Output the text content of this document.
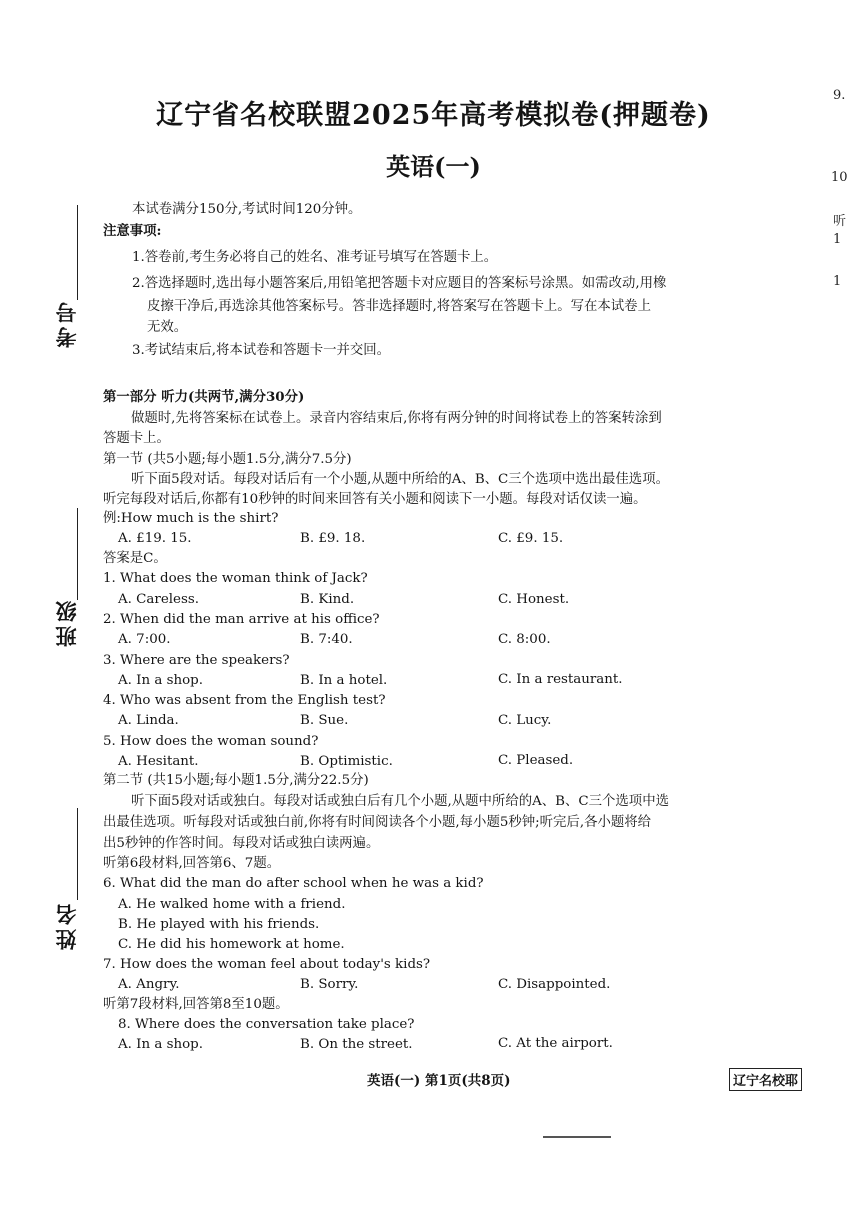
辽宁省名校联盟2025年高考模拟卷(押题卷)
英语(一)
考号
班级
姓名
9.
10
听
1
1
本试卷满分150分,考试时间120分钟。
注意事项:
1.答卷前,考生务必将自己的姓名、准考证号填写在答题卡上。
2.答选择题时,选出每小题答案后,用铅笔把答题卡对应题目的答案标号涂黑。如需改动,用橡
皮擦干净后,再选涂其他答案标号。答非选择题时,将答案写在答题卡上。写在本试卷上
无效。
3.考试结束后,将本试卷和答题卡一并交回。
第一部分 听力(共两节,满分30分)
做题时,先将答案标在试卷上。录音内容结束后,你将有两分钟的时间将试卷上的答案转涂到
答题卡上。
第一节 (共5小题;每小题1.5分,满分7.5分)
听下面5段对话。每段对话后有一个小题,从题中所给的A、B、C三个选项中选出最佳选项。
听完每段对话后,你都有10秒钟的时间来回答有关小题和阅读下一小题。每段对话仅读一遍。
例:How much is the shirt?
A. £19. 15.	B. £9. 18.	C. £9. 15.
答案是C。
1. What does the woman think of Jack?
A. Careless.	B. Kind.	C. Honest.
2. When did the man arrive at his office?
A. 7:00.	B. 7:40.	C. 8:00.
3. Where are the speakers?
A. In a shop.	B. In a hotel.	C. In a restaurant.
4. Who was absent from the English test?
A. Linda.	B. Sue.	C. Lucy.
5. How does the woman sound?
A. Hesitant.	B. Optimistic.	C. Pleased.
第二节 (共15小题;每小题1.5分,满分22.5分)
听下面5段对话或独白。每段对话或独白后有几个小题,从题中所给的A、B、C三个选项中选
出最佳选项。听每段对话或独白前,你将有时间阅读各个小题,每小题5秒钟;听完后,各小题将给
出5秒钟的作答时间。每段对话或独白读两遍。
听第6段材料,回答第6、7题。
6. What did the man do after school when he was a kid?
A. He walked home with a friend.
B. He played with his friends.
C. He did his homework at home.
7. How does the woman feel about today's kids?
A. Angry.	B. Sorry.	C. Disappointed.
听第7段材料,回答第8至10题。
8. Where does the conversation take place?
A. In a shop.	B. On the street.	C. At the airport.
英语(一) 第1页(共8页)	辽宁名校耶
